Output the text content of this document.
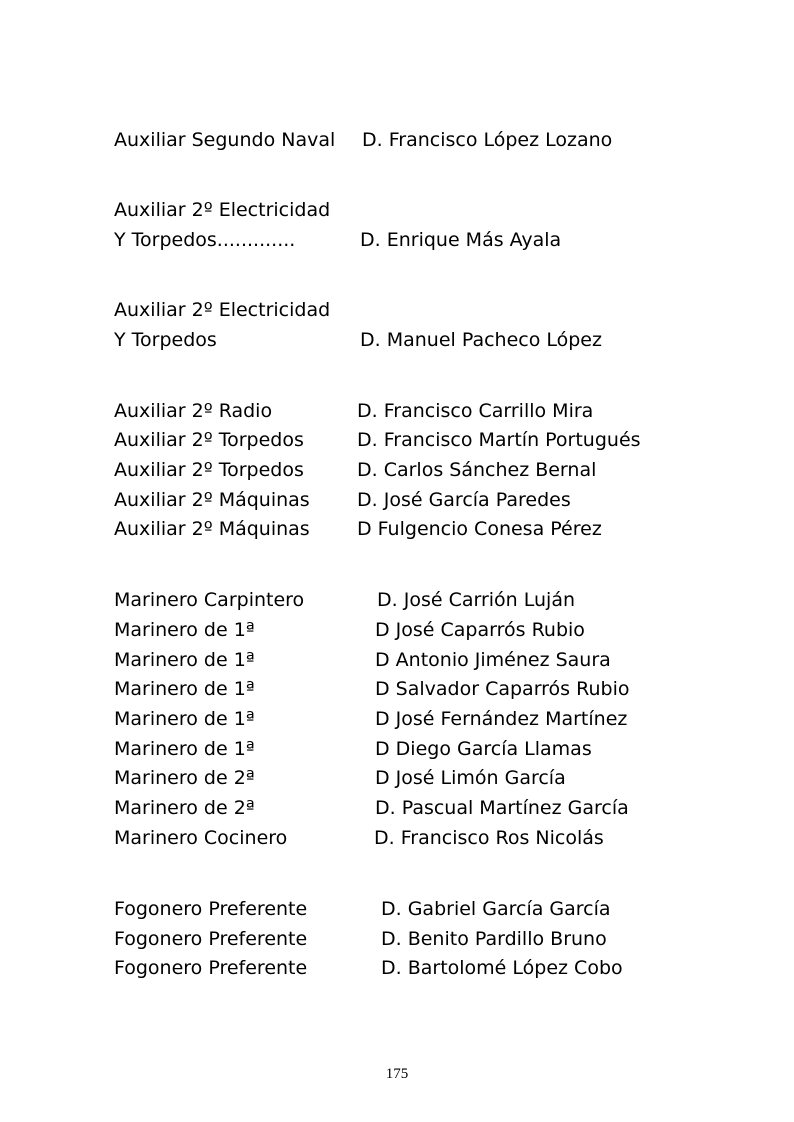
Auxiliar Segundo Naval D. Francisco López Lozano
Auxiliar 2º Electricidad
Y Torpedos.............	D. Enrique Más Ayala
Auxiliar 2º Electricidad
Y Torpedos	D. Manuel Pacheco López
Auxiliar 2º Radio	D. Francisco Carrillo Mira
Auxiliar 2º Torpedos	D. Francisco Martín Portugués
Auxiliar 2º Torpedos	D. Carlos Sánchez Bernal
Auxiliar 2º Máquinas D. José García Paredes
Auxiliar 2º Máquinas D Fulgencio Conesa Pérez
Marinero Carpintero	D. José Carrión Luján
Marinero de 1ª	D José Caparrós Rubio
Marinero de 1ª	D Antonio Jiménez Saura
Marinero de 1ª	D Salvador Caparrós Rubio
Marinero de 1ª	D José Fernández Martínez
Marinero de 1ª	D Diego García Llamas
Marinero de 2ª	D José Limón García
Marinero de 2ª	D. Pascual Martínez García
Marinero Cocinero	D. Francisco Ros Nicolás
Fogonero Preferente	D. Gabriel García García
Fogonero Preferente	D. Benito Pardillo Bruno
Fogonero Preferente	D. Bartolomé López Cobo
175
